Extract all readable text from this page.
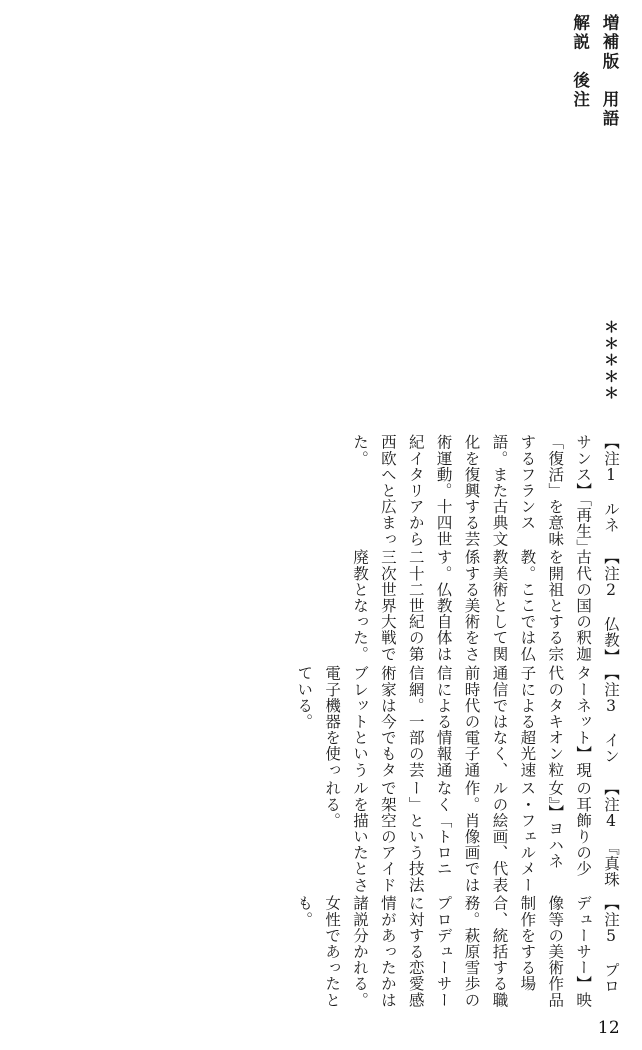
増補版　用語解説　後注
＊＊＊＊＊
【注1　ルネサンス】「再生」「復活」を意味するフランス語。また古典文化を復興する芸術運動。十四世紀イタリアから西欧へと広まった。
【注2　仏教】古代の国の釈迦を開祖とする宗教。ここでは仏教美術として関係する美術をさす。仏教自体は二十二世紀の第三次世界大戦で廃教となった。
【注3　インターネット】現代のタキオン粒子による超光速通信ではなく、前時代の電子通信による情報通信網。一部の芸術家は今でもタブレットという電子機器を使っている。
【注4　『真珠の耳飾りの少女』】ヨハネス・フェルメールの絵画、代表作。肖像画ではなく「トロニー」という技法で架空のアイドルを描いたとされる。
【注5　プロデューサー】映像等の美術作品制作をする場合、統括する職務。萩原雪歩のプロデューサーに対する恋愛感情があったかは諸説分かれる。女性であったとも。
12
